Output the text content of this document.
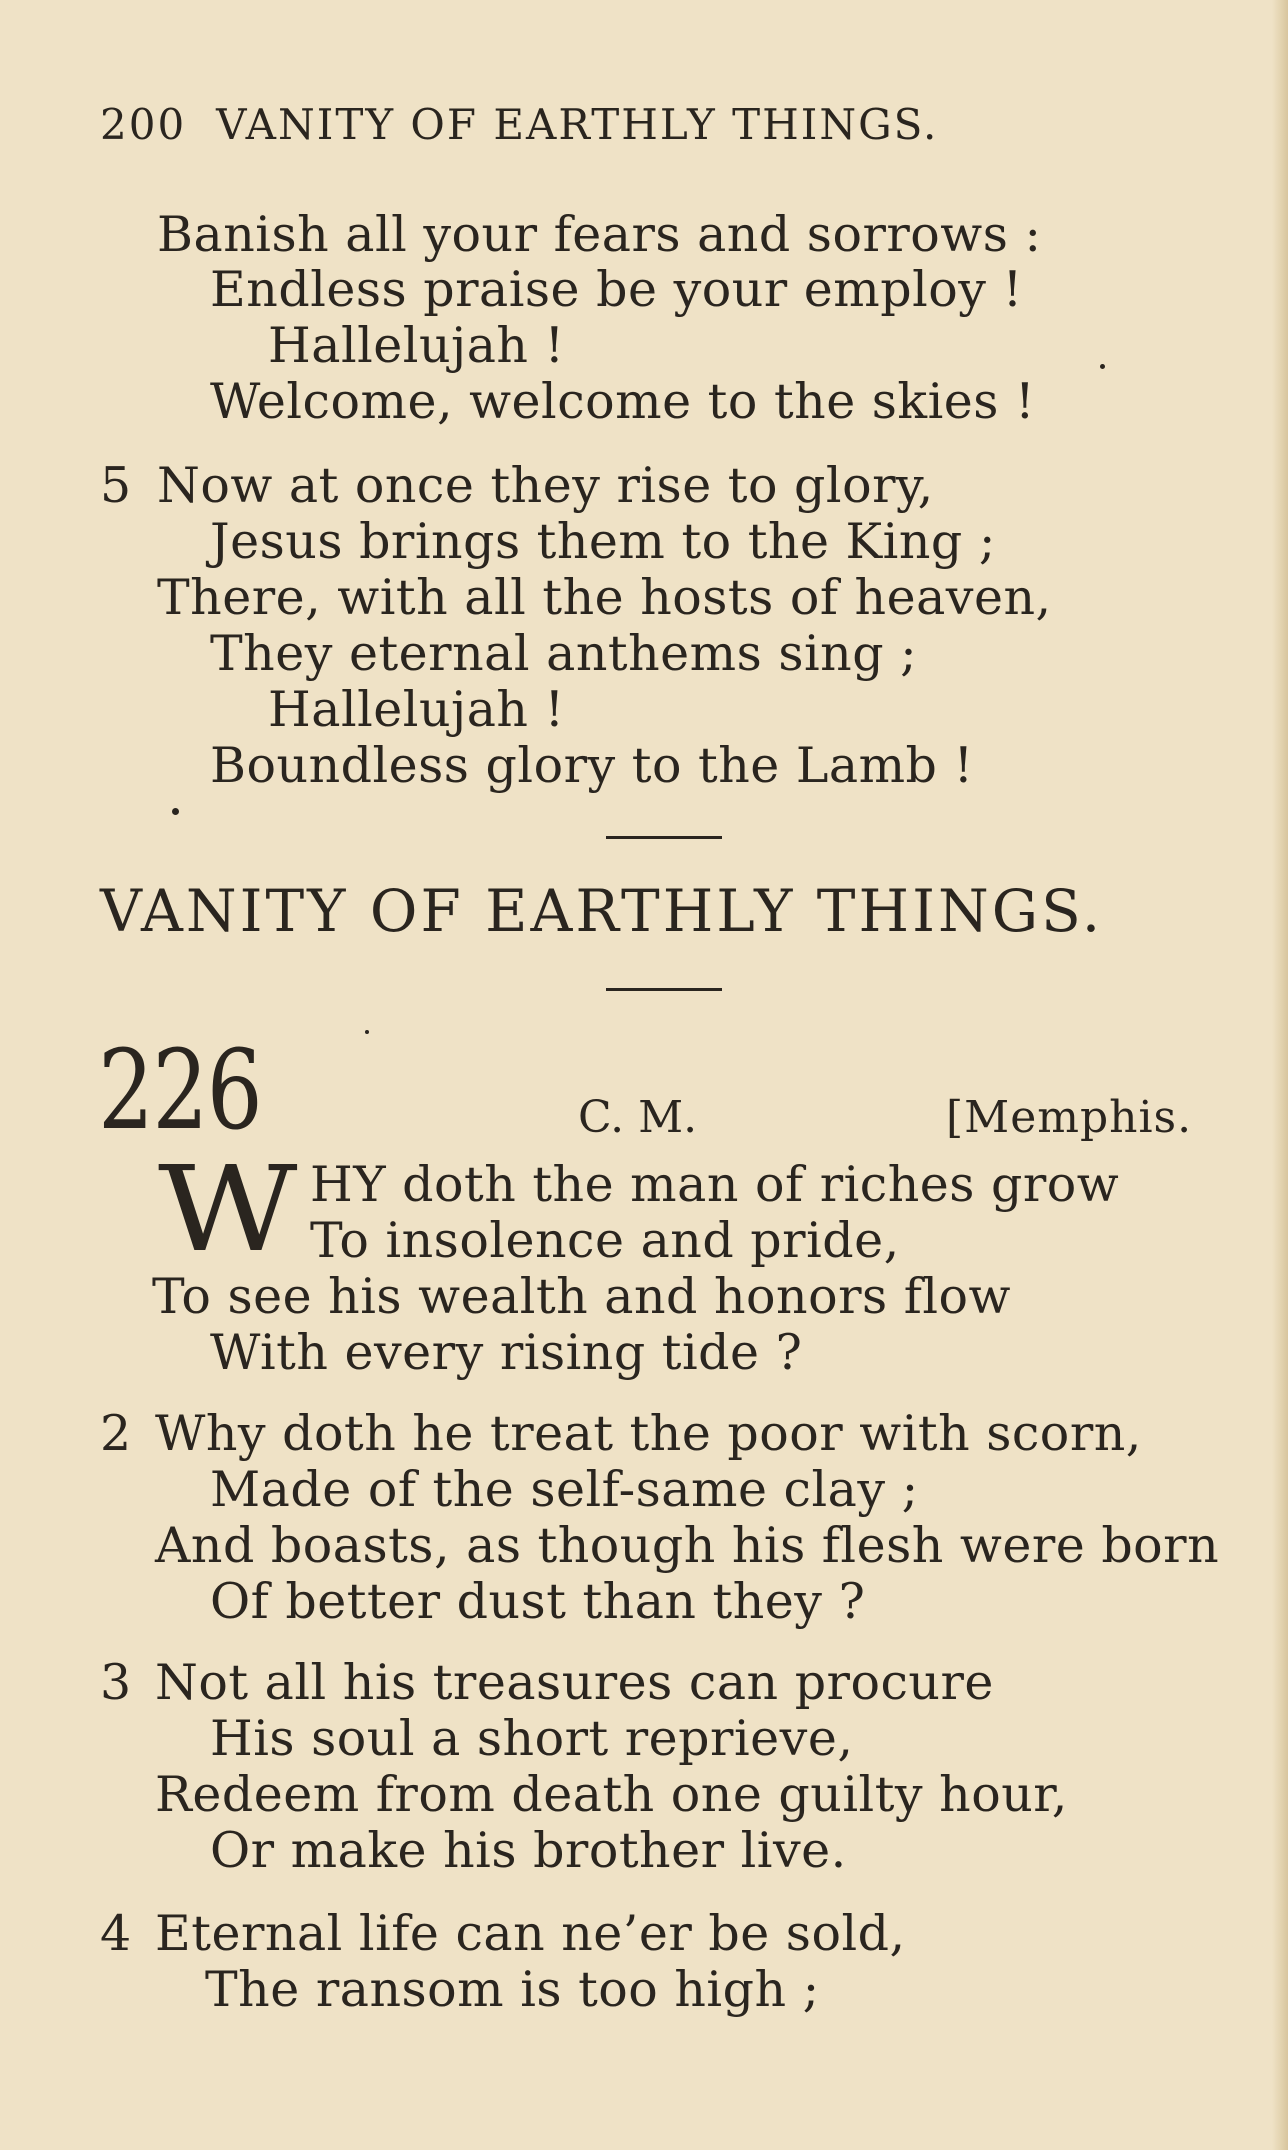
200 VANITY OF EARTHLY THINGS.
Banish all your fears and sorrows :
Endless praise be your employ !
Hallelujah !
Welcome, welcome to the skies !
5 Now at once they rise to glory,
Jesus brings them to the King ;
There, with all the hosts of heaven,
They eternal anthems sing ;
Hallelujah !
Boundless glory to the Lamb !
VANITY OF EARTHLY THINGS.
226	C. M.	[Memphis.
W HY doth the man of riches grow
To insolence and pride,
To see his wealth and honors flow
With every rising tide ?
2 Why doth he treat the poor with scorn,
Made of the self-same clay ;
And boasts, as though his flesh were born
Of better dust than they ?
3 Not all his treasures can procure
His soul a short reprieve,
Redeem from death one guilty hour,
Or make his brother live.
4 Eternal life can ne’er be sold,
The ransom is too high ;
